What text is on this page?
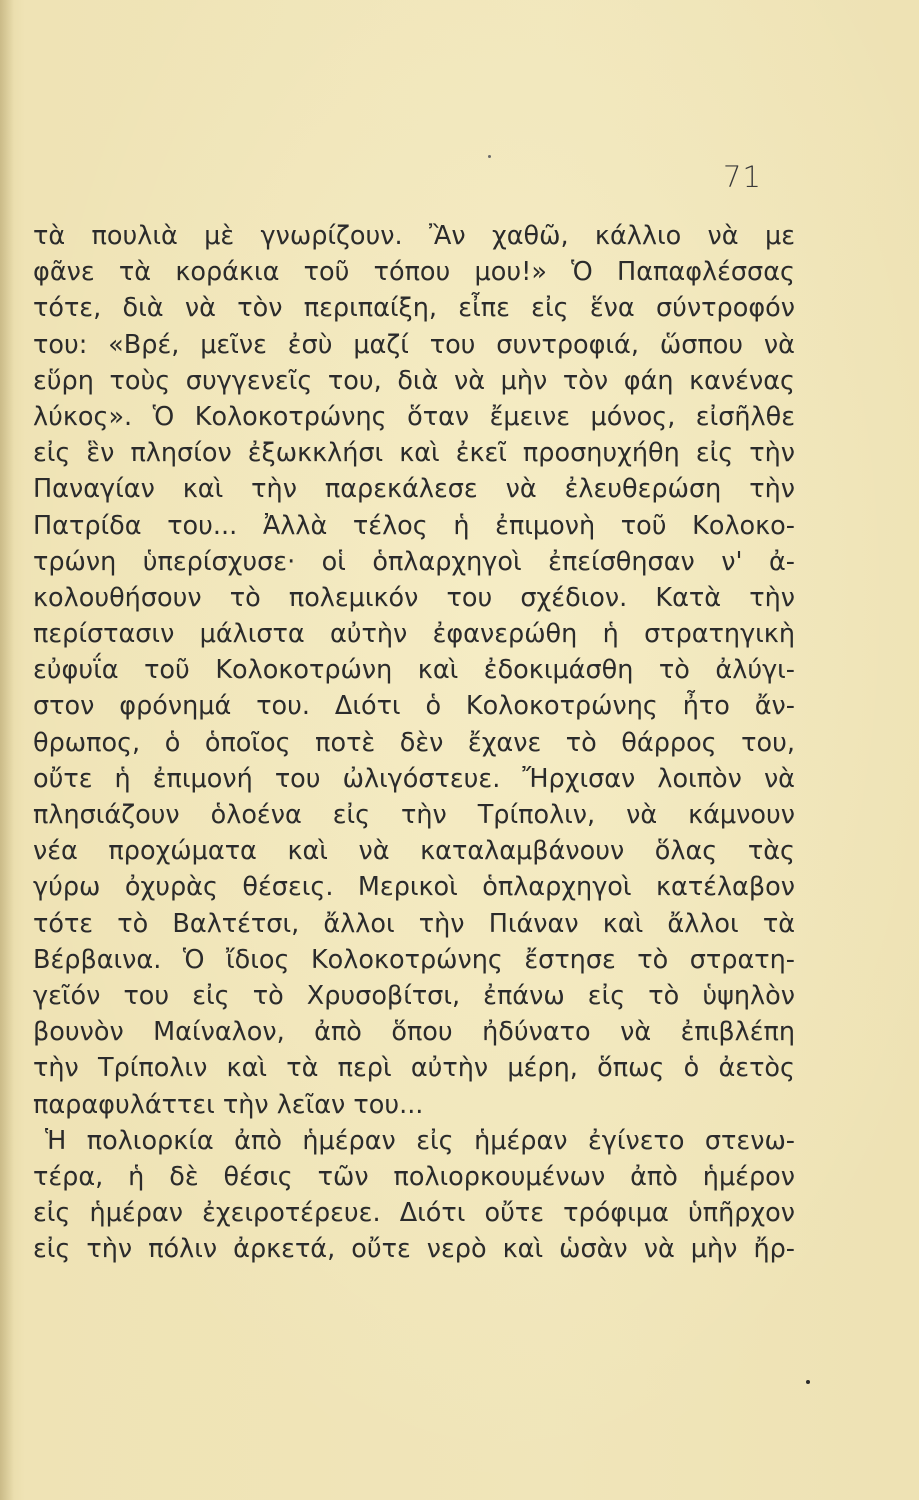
71
τὰ πουλιὰ μὲ γνωρίζουν. Ἂν χαθῶ, κάλλιο νὰ με
φᾶνε τὰ κοράκια τοῦ τόπου μου!» Ὁ Παπαφλέσσας
τότε, διὰ νὰ τὸν περιπαίξη, εἶπε εἰς ἕνα σύντροφόν
του: «Βρέ, μεῖνε ἐσὺ μαζί του συντροφιά, ὥσπου νὰ
εὕρη τοὺς συγγενεῖς του, διὰ νὰ μὴν τὸν φάη κανένας
λύκος». Ὁ Κολοκοτρώνης ὅταν ἔμεινε μόνος, εἰσῆλθε
εἰς ἓν πλησίον ἐξωκκλήσι καὶ ἐκεῖ προσηυχήθη εἰς τὴν
Παναγίαν καὶ τὴν παρεκάλεσε νὰ ἐλευθερώση τὴν
Πατρίδα του... Ἀλλὰ τέλος ἡ ἐπιμονὴ τοῦ Κολοκο-
τρώνη ὑπερίσχυσε· οἱ ὁπλαρχηγοὶ ἐπείσθησαν ν' ἀ-
κολουθήσουν τὸ πολεμικόν του σχέδιον. Κατὰ τὴν
περίστασιν μάλιστα αὐτὴν ἐφανερώθη ἡ στρατηγικὴ
εὐφυΐα τοῦ Κολοκοτρώνη καὶ ἐδοκιμάσθη τὸ ἀλύγι-
στον φρόνημά του. Διότι ὁ Κολοκοτρώνης ἦτο ἄν-
θρωπος, ὁ ὁποῖος ποτὲ δὲν ἔχανε τὸ θάρρος του,
οὔτε ἡ ἐπιμονή του ὠλιγόστευε. Ἤρχισαν λοιπὸν νὰ
πλησιάζουν ὁλοένα εἰς τὴν Τρίπολιν, νὰ κάμνουν
νέα προχώματα καὶ νὰ καταλαμβάνουν ὅλας τὰς
γύρω ὀχυρὰς θέσεις. Μερικοὶ ὁπλαρχηγοὶ κατέλαβον
τότε τὸ Βαλτέτσι, ἄλλοι τὴν Πιάναν καὶ ἄλλοι τὰ
Βέρβαινα. Ὁ ἴδιος Κολοκοτρώνης ἔστησε τὸ στρατη-
γεῖόν του εἰς τὸ Χρυσοβίτσι, ἐπάνω εἰς τὸ ὑψηλὸν
βουνὸν Μαίναλον, ἀπὸ ὅπου ἠδύνατο νὰ ἐπιβλέπη
τὴν Τρίπολιν καὶ τὰ περὶ αὐτὴν μέρη, ὅπως ὁ ἀετὸς
παραφυλάττει τὴν λεῖαν του...
Ἡ πολιορκία ἀπὸ ἡμέραν εἰς ἡμέραν ἐγίνετο στενω-
τέρα, ἡ δὲ θέσις τῶν πολιορκουμένων ἀπὸ ἡμέρον
εἰς ἡμέραν ἐχειροτέρευε. Διότι οὔτε τρόφιμα ὑπῆρχον
εἰς τὴν πόλιν ἀρκετά, οὔτε νερὸ καὶ ὡσὰν νὰ μὴν ἤρ-
